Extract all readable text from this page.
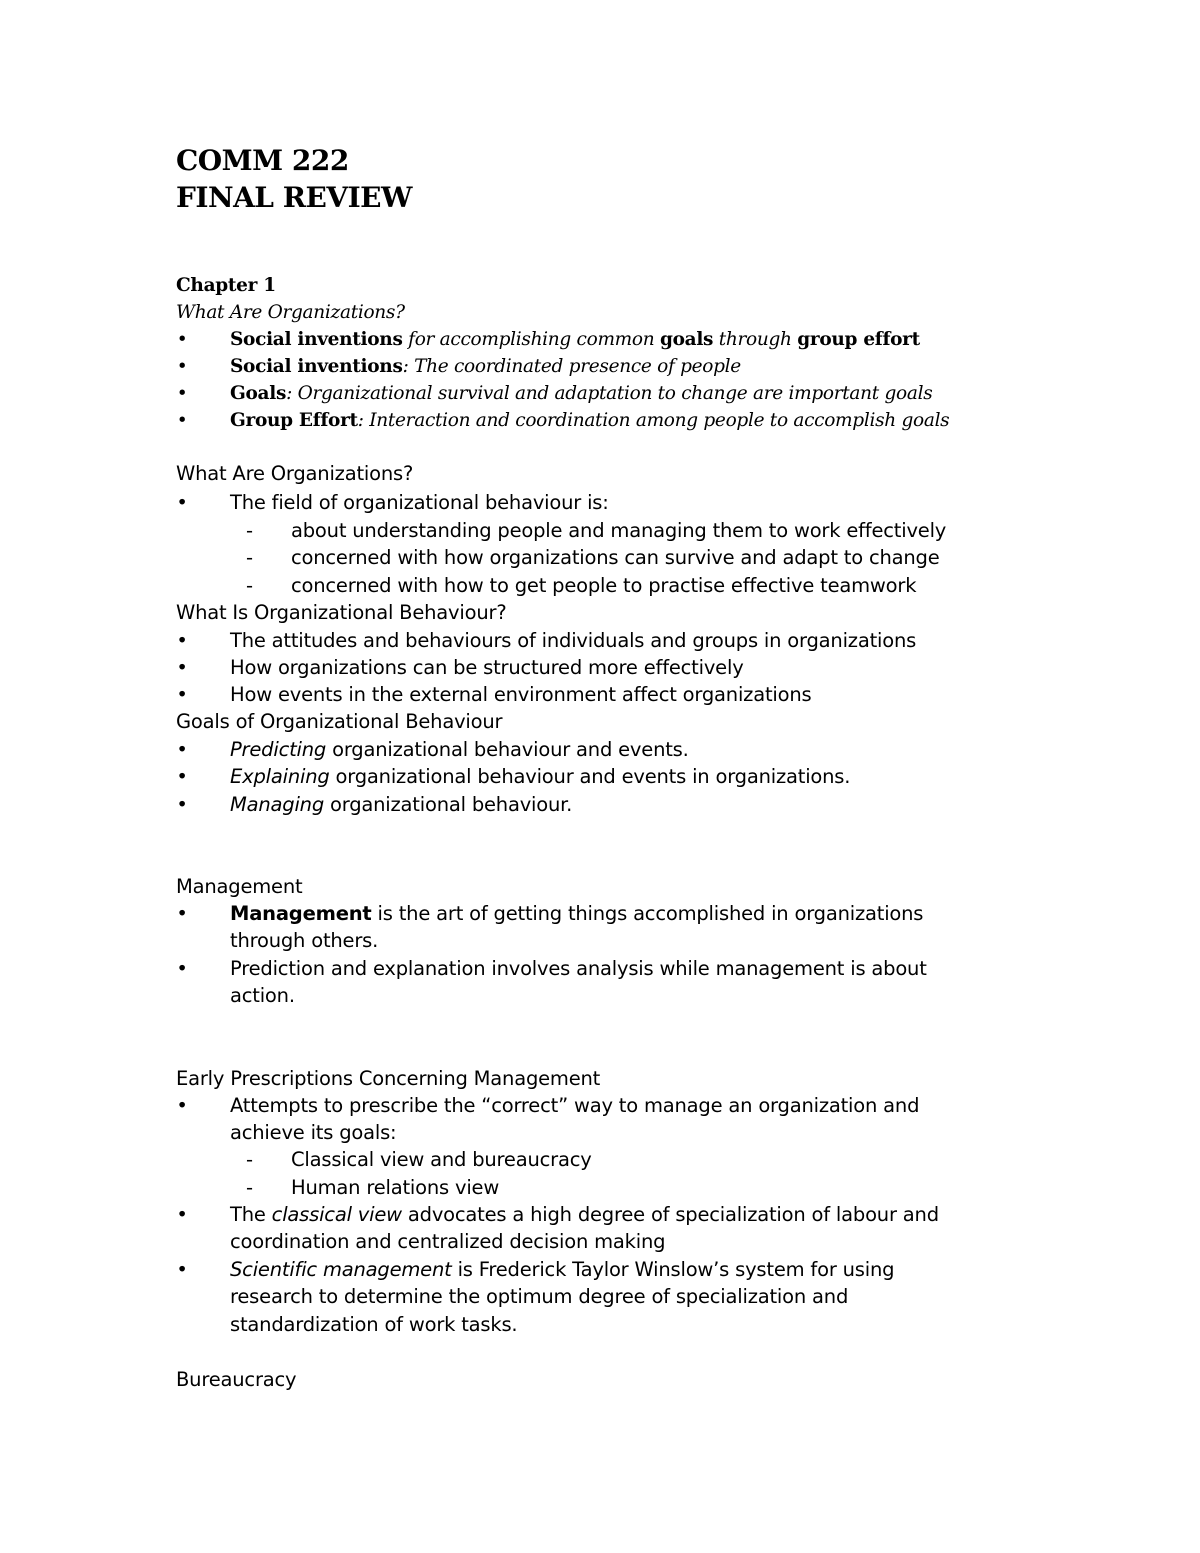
COMM 222
FINAL REVIEW
Chapter 1
What Are Organizations?
• Social inventions for accomplishing common goals through group effort
• Social inventions: The coordinated presence of people
• Goals: Organizational survival and adaptation to change are important goals
• Group Effort: Interaction and coordination among people to accomplish goals
What Are Organizations?
• The field of organizational behaviour is:
- about understanding people and managing them to work effectively
- concerned with how organizations can survive and adapt to change
- concerned with how to get people to practise effective teamwork
What Is Organizational Behaviour?
• The attitudes and behaviours of individuals and groups in organizations
• How organizations can be structured more effectively
• How events in the external environment affect organizations
Goals of Organizational Behaviour
• Predicting organizational behaviour and events.
• Explaining organizational behaviour and events in organizations.
• Managing organizational behaviour.
Management
• Management is the art of getting things accomplished in organizations
through others.
• Prediction and explanation involves analysis while management is about
action.
Early Prescriptions Concerning Management
• Attempts to prescribe the “correct” way to manage an organization and
achieve its goals:
- Classical view and bureaucracy
- Human relations view
• The classical view advocates a high degree of specialization of labour and
coordination and centralized decision making
• Scientific management is Frederick Taylor Winslow’s system for using
research to determine the optimum degree of specialization and
standardization of work tasks.
Bureaucracy
